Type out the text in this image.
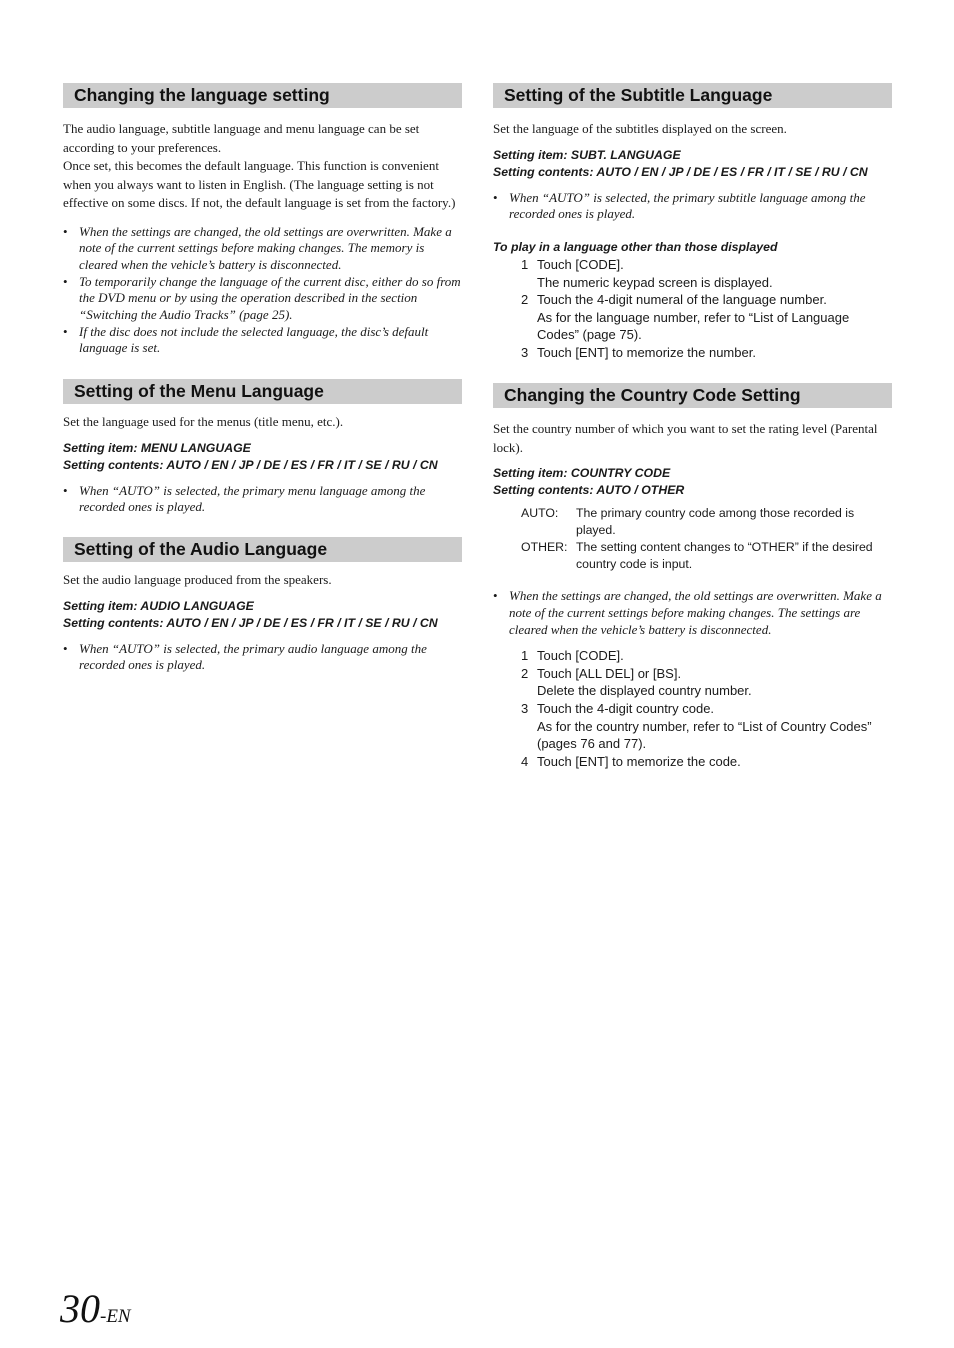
Changing the language setting

The audio language, subtitle language and menu language can be set according to your preferences.

Once set, this becomes the default language. This function is convenient when you always want to listen in English. (The language setting is not effective on some discs. If not, the default language is set from the factory.)

• When the settings are changed, the old settings are overwritten. Make a note of the current settings before making changes. The memory is cleared when the vehicle’s battery is disconnected.
• To temporarily change the language of the current disc, either do so from the DVD menu or by using the operation described in the section “Switching the Audio Tracks” (page 25).
• If the disc does not include the selected language, the disc’s default language is set.
Setting of the Menu Language

Set the language used for the menus (title menu, etc.).

Setting item: MENU LANGUAGE

Setting contents: AUTO / EN / JP / DE / ES / FR / IT / SE / RU / CN

• When “AUTO” is selected, the primary menu language among the recorded ones is played.
Setting of the Audio Language

Set the audio language produced from the speakers.

Setting item: AUDIO LANGUAGE

Setting contents: AUTO / EN / JP / DE / ES / FR / IT / SE / RU / CN

• When “AUTO” is selected, the primary audio language among the recorded ones is played.
Setting of the Subtitle Language

Set the language of the subtitles displayed on the screen.

Setting item: SUBT. LANGUAGE

Setting contents: AUTO / EN / JP / DE / ES / FR / IT / SE / RU / CN

• When “AUTO” is selected, the primary subtitle language among the recorded ones is played.

To play in a language other than those displayed

1 Touch [CODE].
The numeric keypad screen is displayed.
2 Touch the 4-digit numeral of the language number.
As for the language number, refer to “List of Language Codes” (page 75).
3 Touch [ENT] to memorize the number.
Changing the Country Code Setting

Set the country number of which you want to set the rating level (Parental lock).

Setting item: COUNTRY CODE

Setting contents: AUTO / OTHER

AUTO:	The primary country code among those recorded is played.
OTHER: The setting content changes to “OTHER” if the desired country code is input.
• When the settings are changed, the old settings are overwritten. Make a note of the current settings before making changes. The settings are cleared when the vehicle’s battery is disconnected.
1 Touch [CODE].
2 Touch [ALL DEL] or [BS].
Delete the displayed country number.
3 Touch the 4-digit country code.
As for the country number, refer to “List of Country Codes” (pages 76 and 77).
4 Touch [ENT] to memorize the code.
30-EN
